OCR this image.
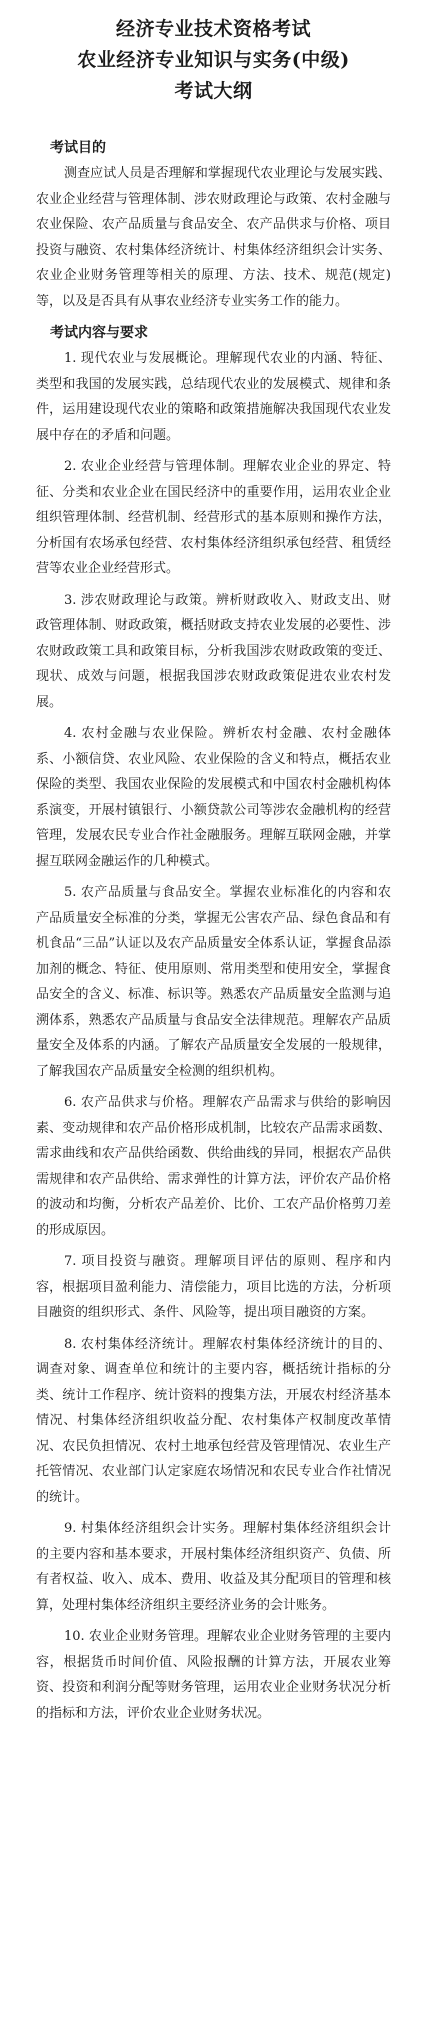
经济专业技术资格考试
农业经济专业知识与实务(中级)
考试大纲
考试目的

测查应试人员是否理解和掌握现代农业理论与发展实践、农业企业经营与管理体制、涉农财政理论与政策、农村金融与农业保险、农产品质量与食品安全、农产品供求与价格、项目投资与融资、农村集体经济统计、村集体经济组织会计实务、农业企业财务管理等相关的原理、方法、技术、规范(规定)等，以及是否具有从事农业经济专业实务工作的能力。

考试内容与要求

1. 现代农业与发展概论。理解现代农业的内涵、特征、类型和我国的发展实践，总结现代农业的发展模式、规律和条件，运用建设现代农业的策略和政策措施解决我国现代农业发展中存在的矛盾和问题。

2. 农业企业经营与管理体制。理解农业企业的界定、特征、分类和农业企业在国民经济中的重要作用，运用农业企业组织管理体制、经营机制、经营形式的基本原则和操作方法，分析国有农场承包经营、农村集体经济组织承包经营、租赁经营等农业企业经营形式。

3. 涉农财政理论与政策。辨析财政收入、财政支出、财政管理体制、财政政策，概括财政支持农业发展的必要性、涉农财政政策工具和政策目标，分析我国涉农财政政策的变迁、现状、成效与问题，根据我国涉农财政政策促进农业农村发展。

4. 农村金融与农业保险。辨析农村金融、农村金融体系、小额信贷、农业风险、农业保险的含义和特点，概括农业保险的类型、我国农业保险的发展模式和中国农村金融机构体系演变，开展村镇银行、小额贷款公司等涉农金融机构的经营管理，发展农民专业合作社金融服务。理解互联网金融，并掌握互联网金融运作的几种模式。

5. 农产品质量与食品安全。掌握农业标准化的内容和农产品质量安全标准的分类，掌握无公害农产品、绿色食品和有机食品“三品”认证以及农产品质量安全体系认证，掌握食品添加剂的概念、特征、使用原则、常用类型和使用安全，掌握食品安全的含义、标准、标识等。熟悉农产品质量安全监测与追溯体系，熟悉农产品质量与食品安全法律规范。理解农产品质量安全及体系的内涵。了解农产品质量安全发展的一般规律，了解我国农产品质量安全检测的组织机构。

6. 农产品供求与价格。理解农产品需求与供给的影响因素、变动规律和农产品价格形成机制，比较农产品需求函数、需求曲线和农产品供给函数、供给曲线的异同，根据农产品供需规律和农产品供给、需求弹性的计算方法，评价农产品价格的波动和均衡，分析农产品差价、比价、工农产品价格剪刀差的形成原因。

7. 项目投资与融资。理解项目评估的原则、程序和内容，根据项目盈利能力、清偿能力，项目比选的方法，分析项目融资的组织形式、条件、风险等，提出项目融资的方案。

8. 农村集体经济统计。理解农村集体经济统计的目的、调查对象、调查单位和统计的主要内容，概括统计指标的分类、统计工作程序、统计资料的搜集方法，开展农村经济基本情况、村集体经济组织收益分配、农村集体产权制度改革情况、农民负担情况、农村土地承包经营及管理情况、农业生产托管情况、农业部门认定家庭农场情况和农民专业合作社情况的统计。

9. 村集体经济组织会计实务。理解村集体经济组织会计的主要内容和基本要求，开展村集体经济组织资产、负债、所有者权益、收入、成本、费用、收益及其分配项目的管理和核算，处理村集体经济组织主要经济业务的会计账务。

10. 农业企业财务管理。理解农业企业财务管理的主要内容，根据货币时间价值、风险报酬的计算方法，开展农业筹资、投资和利润分配等财务管理，运用农业企业财务状况分析的指标和方法，评价农业企业财务状况。
